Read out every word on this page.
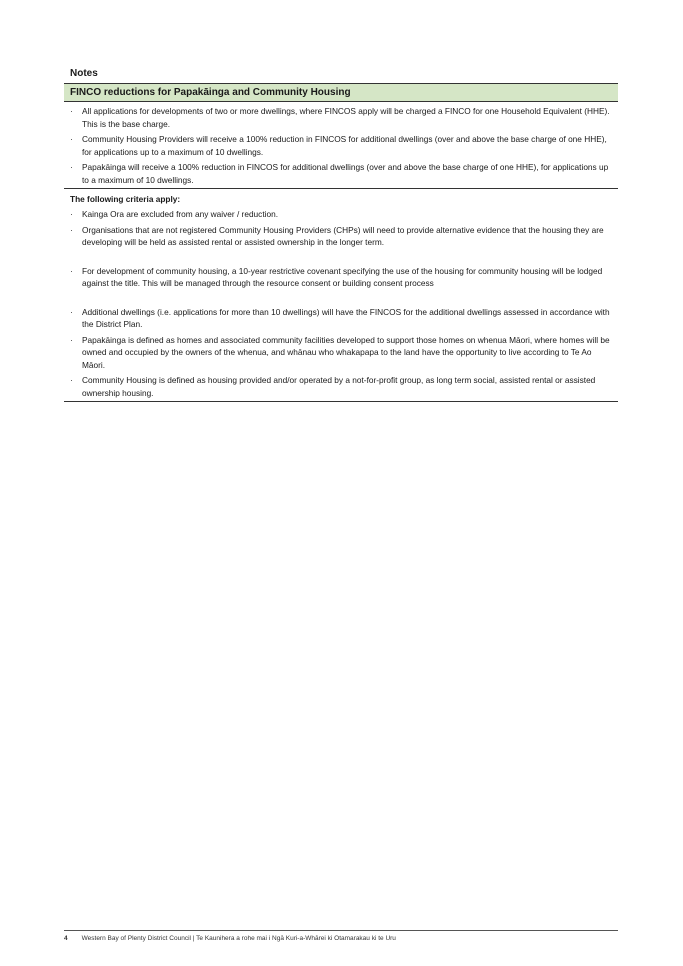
Notes
FINCO reductions for Papakāinga and Community Housing
· All applications for developments of two or more dwellings, where FINCOS apply will be charged a FINCO for one Household Equivalent (HHE). This is the base charge.
· Community Housing Providers will receive a 100% reduction in FINCOS for additional dwellings (over and above the base charge of one HHE), for applications up to a maximum of 10 dwellings.
· Papakāinga will receive a 100% reduction in FINCOS for additional dwellings (over and above the base charge of one HHE), for applications up to a maximum of 10 dwellings.
The following criteria apply:
· Kainga Ora are excluded from any waiver / reduction.
· Organisations that are not registered Community Housing Providers (CHPs) will need to provide alternative evidence that the housing they are developing will be held as assisted rental or assisted ownership in the longer term.
· For development of community housing, a 10-year restrictive covenant specifying the use of the housing for community housing will be lodged against the title. This will be managed through the resource consent or building consent process
· Additional dwellings (i.e. applications for more than 10 dwellings) will have the FINCOS for the additional dwellings assessed in accordance with the District Plan.
· Papakāinga is defined as homes and associated community facilities developed to support those homes on whenua Māori, where homes will be owned and occupied by the owners of the whenua, and whānau who whakapapa to the land have the opportunity to live according to Te Ao Māori.
· Community Housing is defined as housing provided and/or operated by a not-for-profit group, as long term social, assisted rental or assisted ownership housing.
4 Western Bay of Plenty District Council | Te Kaunihera a rohe mai i Ngā Kuri-a-Whārei ki Otamarakau ki te Uru
